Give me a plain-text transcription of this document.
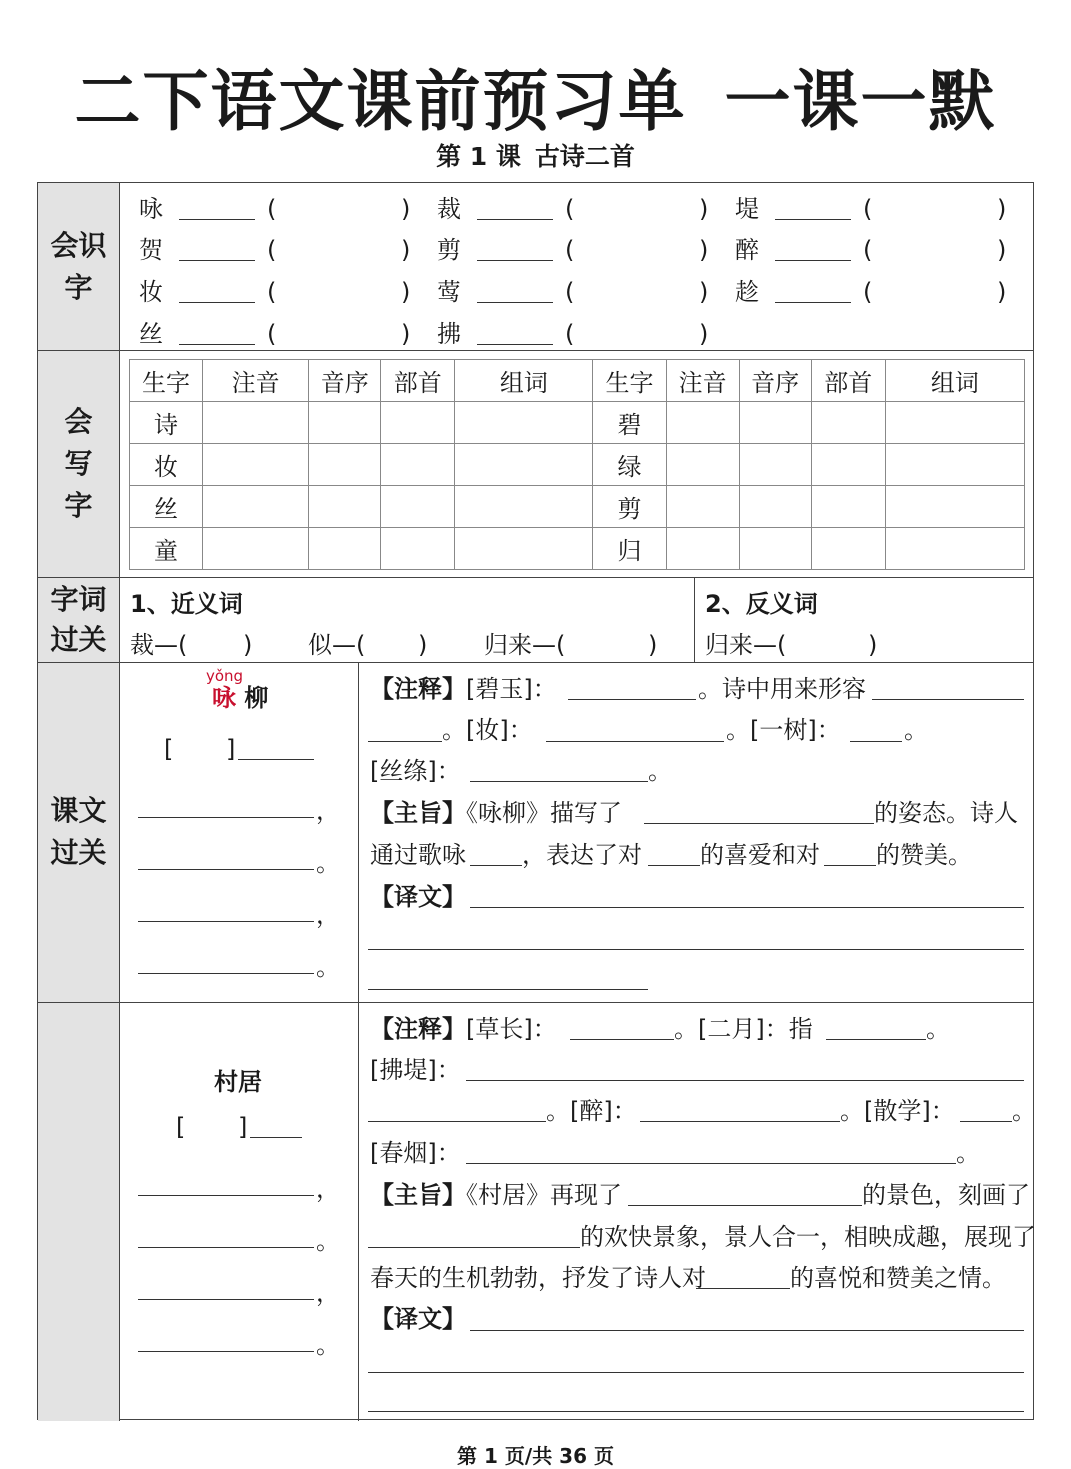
二下语文课前预习单 一课一默
第 1 课 古诗二首
会识字
会写字
字词过关
课文过关
咏	(	) 裁	(	) 堤	(	)
贺	(	) 剪	(	) 醉	(	)
妆	(	) 莺	(	) 趁	(	)
丝	(	) 拂	(	)
生字	注音	音序	部首	组词	生字	注音	音序	部首	组词
诗					碧				
妆					绿				
丝					剪				
童					归				
1、近义词	2、反义词
裁—( ) 似—( ) 归来—(	) 归来—(	)
yǒng
咏 柳
[ ]
，
。
，
。
【注释】[碧玉]：	。诗中用来形容
。[妆]：	。[一树]：	。
[丝绦]：	。
【主旨】《咏柳》描写了	的姿态。诗人
通过歌咏 ，表达了对 的喜爱和对 的赞美。
【译文】
村居
[ ]
，
。
，
。
【注释】[草长]：	。[二月]：指	。
[拂堤]：
。[醉]：	。[散学]： 。
[春烟]：	。
【主旨】《村居》再现了	的景色，刻画了
的欢快景象，景人合一，相映成趣，展现了
春天的生机勃勃，抒发了诗人对	的喜悦和赞美之情。
【译文】
第 1 页/共 36 页
